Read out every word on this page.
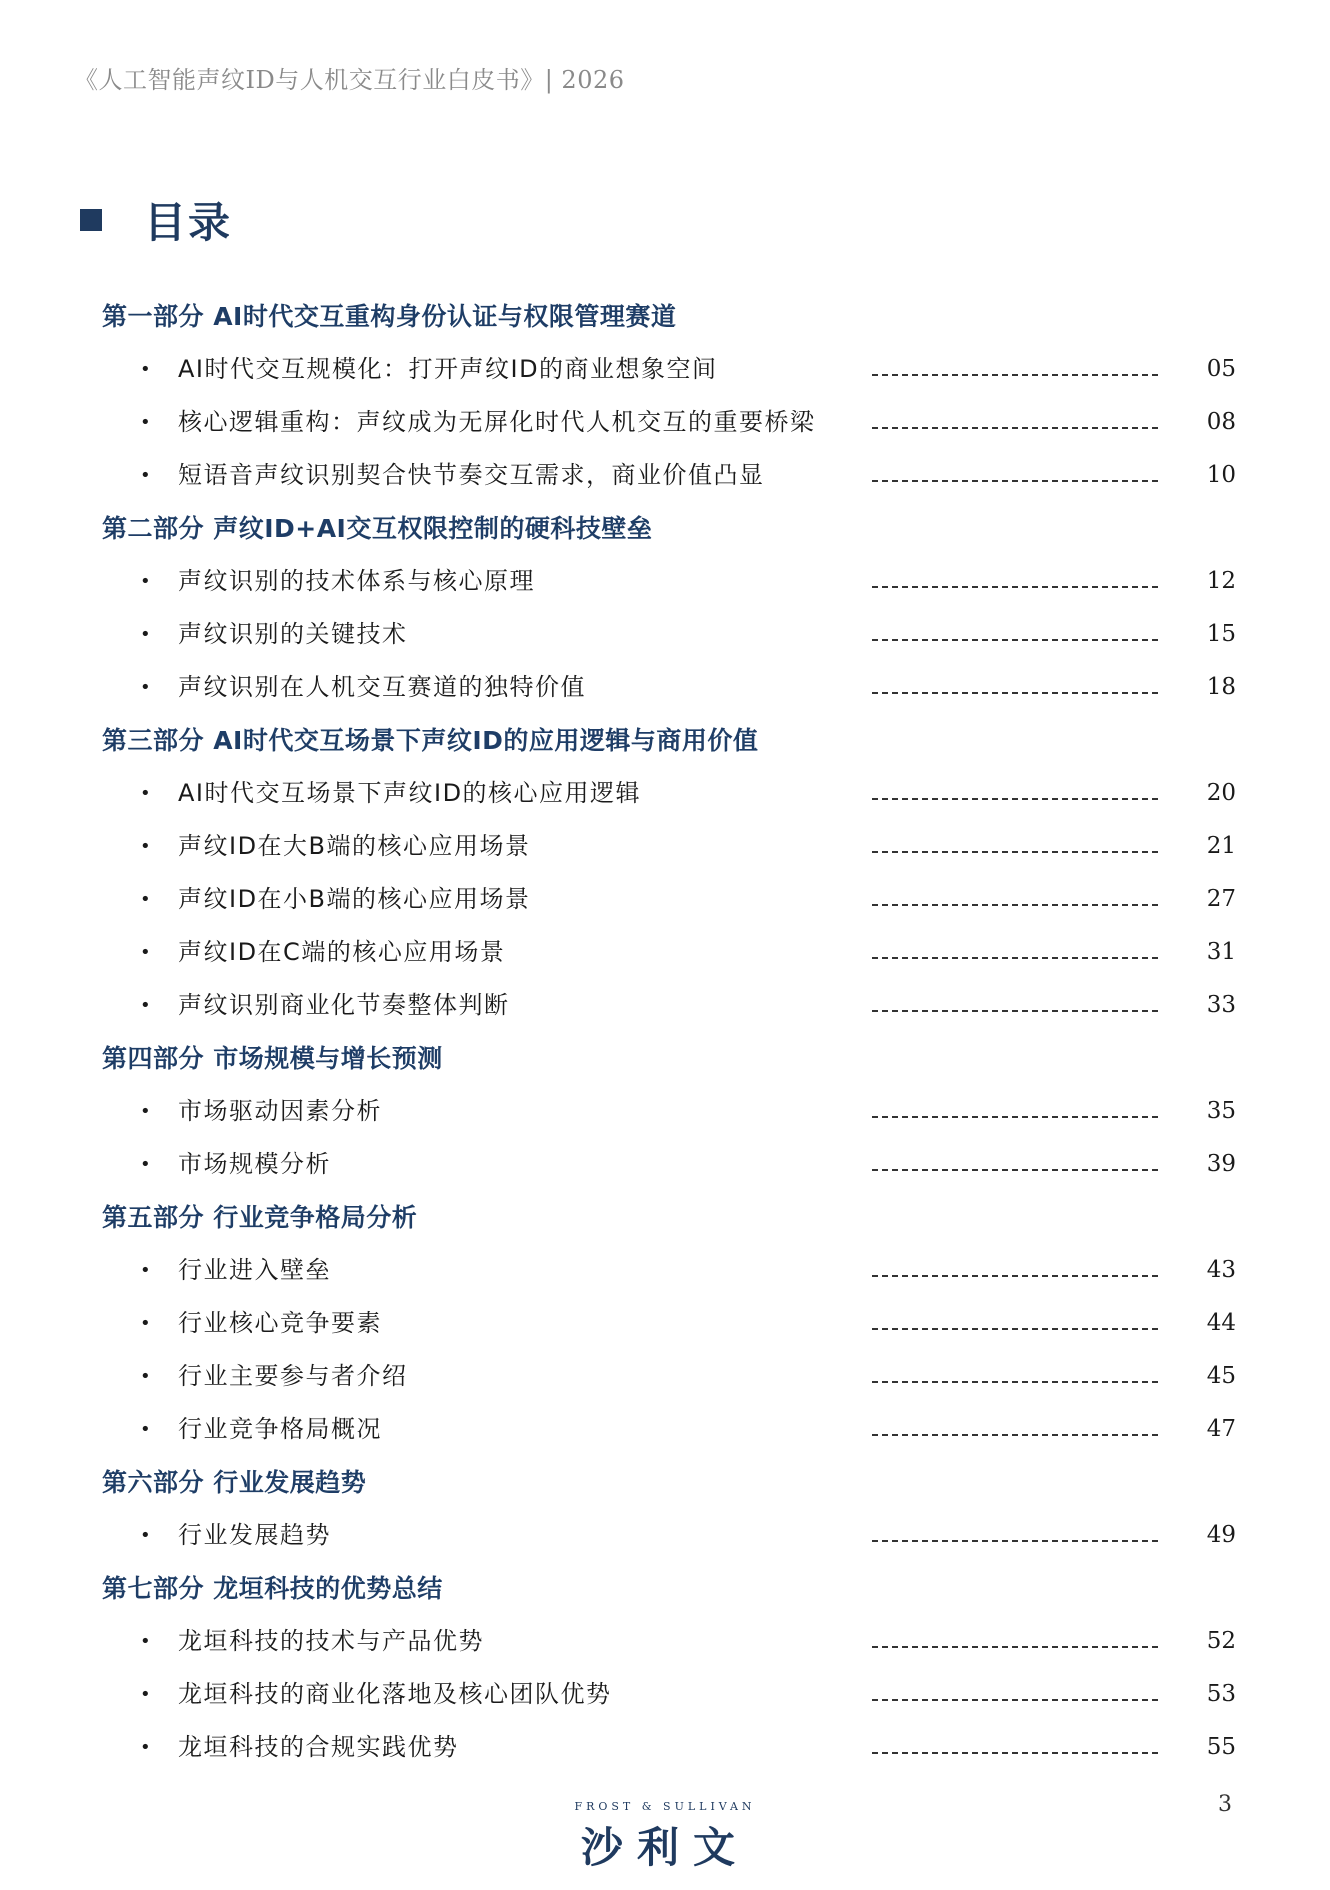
《人工智能声纹ID与人机交互行业白皮书》| 2026
目录
第一部分 AI时代交互重构身份认证与权限管理赛道
• AI时代交互规模化：打开声纹ID的商业想象空间	05
• 核心逻辑重构：声纹成为无屏化时代人机交互的重要桥梁	08
• 短语音声纹识别契合快节奏交互需求，商业价值凸显	10
第二部分 声纹ID+AI交互权限控制的硬科技壁垒
• 声纹识别的技术体系与核心原理	12
• 声纹识别的关键技术	15
• 声纹识别在人机交互赛道的独特价值	18
第三部分 AI时代交互场景下声纹ID的应用逻辑与商用价值
• AI时代交互场景下声纹ID的核心应用逻辑	20
• 声纹ID在大B端的核心应用场景	21
• 声纹ID在小B端的核心应用场景	27
• 声纹ID在C端的核心应用场景	31
• 声纹识别商业化节奏整体判断	33
第四部分 市场规模与增长预测
• 市场驱动因素分析	35
• 市场规模分析	39
第五部分 行业竞争格局分析
• 行业进入壁垒	43
• 行业核心竞争要素	44
• 行业主要参与者介绍	45
• 行业竞争格局概况	47
第六部分 行业发展趋势
• 行业发展趋势	49
第七部分 龙垣科技的优势总结
• 龙垣科技的技术与产品优势	52
• 龙垣科技的商业化落地及核心团队优势	53
• 龙垣科技的合规实践优势	55
FROST & SULLIVAN
沙利文
3
